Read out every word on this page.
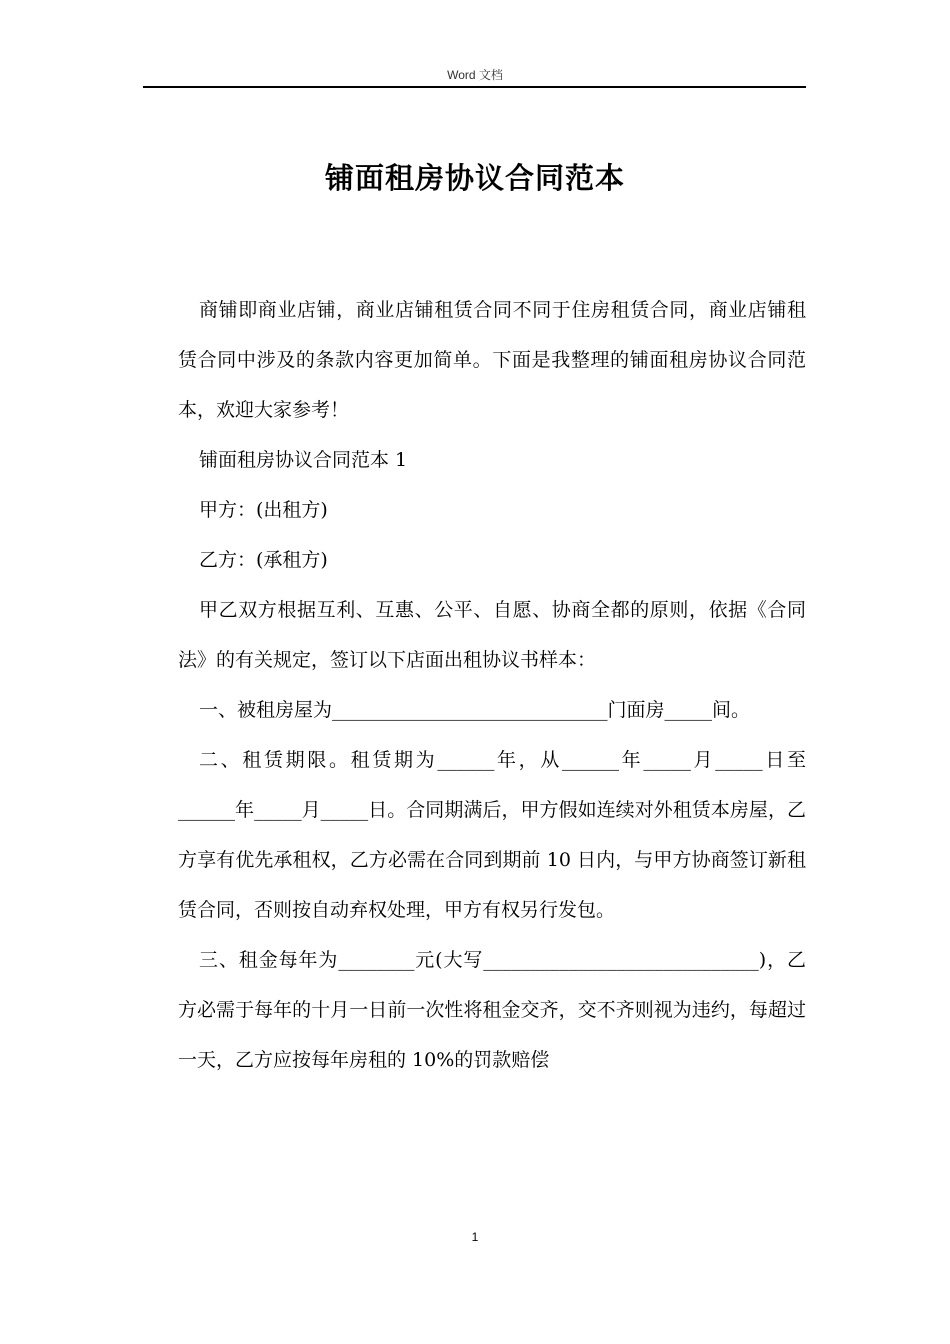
Word 文档
铺面租房协议合同范本

商铺即商业店铺，商业店铺租赁合同不同于住房租赁合同，商业店铺租赁合同中涉及的条款内容更加简单。下面是我整理的铺面租房协议合同范本，欢迎大家参考！

铺面租房协议合同范本 1

甲方：(出租方)

乙方：(承租方)

甲乙双方根据互利、互惠、公平、自愿、协商全都的原则，依据《合同法》的有关规定，签订以下店面出租协议书样本：

一、被租房屋为_____________________________门面房_____间。

二、租赁期限。租赁期为______年，从______年_____月_____日至______年_____月_____日。合同期满后，甲方假如连续对外租赁本房屋，乙方享有优先承租权，乙方必需在合同到期前 10 日内，与甲方协商签订新租赁合同，否则按自动弃权处理，甲方有权另行发包。

三、租金每年为________元(大写_____________________________)，乙方必需于每年的十月一日前一次性将租金交齐，交不齐则视为违约，每超过一天，乙方应按每年房租的 10%的罚款赔偿

1
